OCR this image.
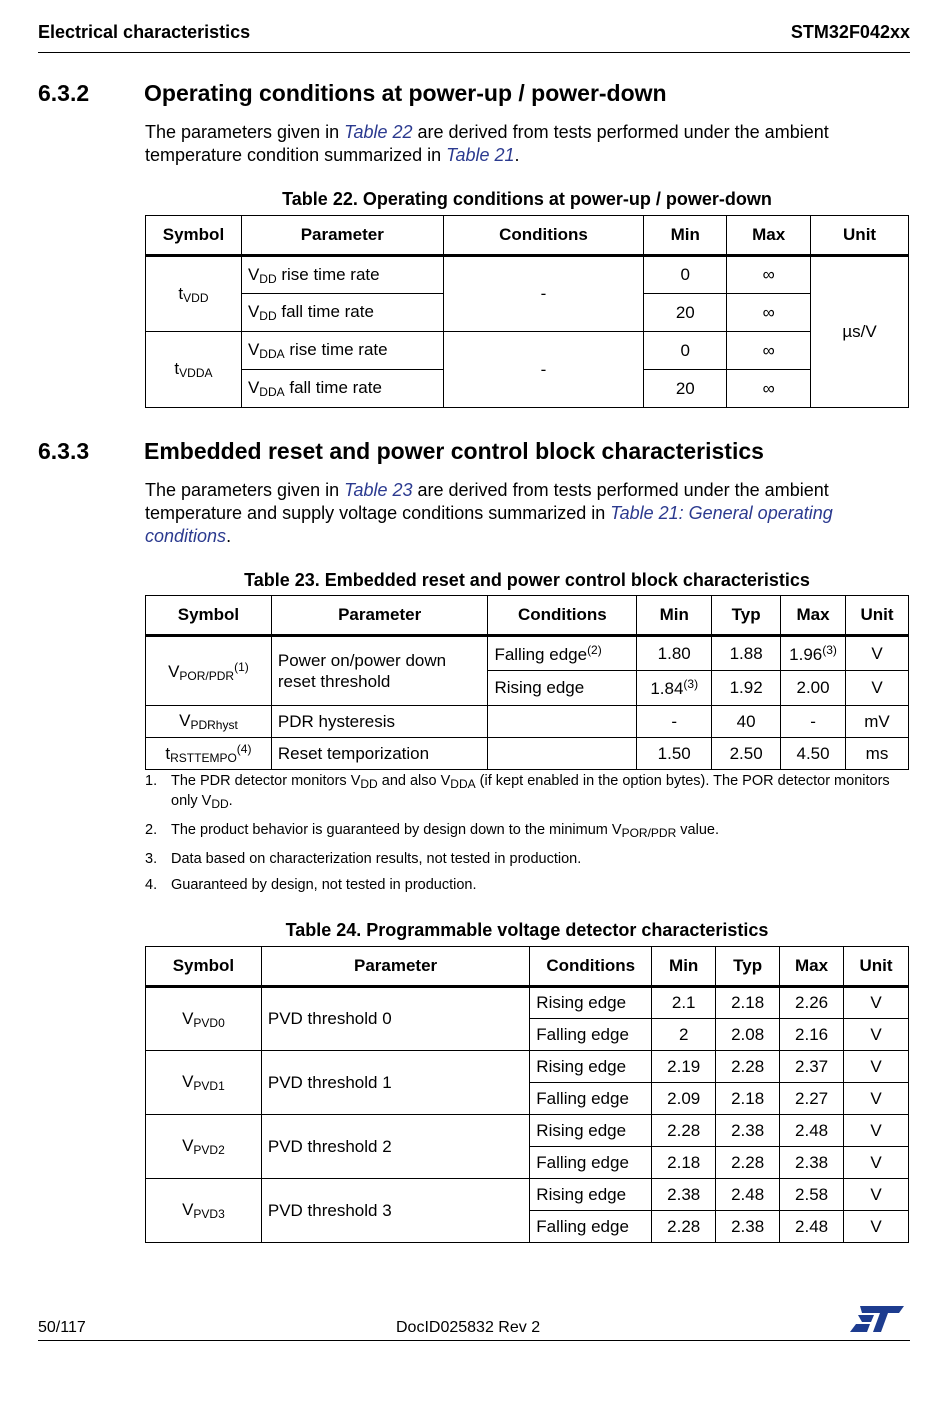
Electrical characteristics	STM32F042xx
6.3.2 Operating conditions at power-up / power-down
The parameters given in Table 22 are derived from tests performed under the ambient temperature condition summarized in Table 21.
Table 22. Operating conditions at power-up / power-down
Symbol	Parameter	Conditions	Min	Max	Unit
$t_{VDD}$	$V_{DD}$ rise time rate	-	0	∞	µs/V
	$V_{DD}$ fall time rate		20	∞	
$t_{VDDA}$	$V_{DDA}$ rise time rate	-	0	∞	
	$V_{DDA}$ fall time rate		20	∞	
6.3.3 Embedded reset and power control block characteristics
The parameters given in Table 23 are derived from tests performed under the ambient temperature and supply voltage conditions summarized in Table 21: General operating conditions.
Table 23. Embedded reset and power control block characteristics
Symbol	Parameter	Conditions	Min	Typ	Max	Unit
$V_{POR/PDR}^{(1)}$	Power on/power down reset threshold	Falling edge$^{(2)}$	1.80	1.88	1.96$^{(3)}$	V
		Rising edge	1.84$^{(3)}$	1.92	2.00	V
$V_{PDRhyst}$	PDR hysteresis		-	40	-	mV
$t_{RSTTEMPO}^{(4)}$	Reset temporization		1.50	2.50	4.50	ms
1. The PDR detector monitors $V_{DD}$ and also $V_{DDA}$ (if kept enabled in the option bytes). The POR detector monitors only $V_{DD}$.
2. The product behavior is guaranteed by design down to the minimum $V_{POR/PDR}$ value.
3. Data based on characterization results, not tested in production.
4. Guaranteed by design, not tested in production.
Table 24. Programmable voltage detector characteristics
Symbol	Parameter	Conditions	Min	Typ	Max	Unit
$V_{PVD0}$	PVD threshold 0	Rising edge	2.1	2.18	2.26	V
		Falling edge	2	2.08	2.16	V
$V_{PVD1}$	PVD threshold 1	Rising edge	2.19	2.28	2.37	V
		Falling edge	2.09	2.18	2.27	V
$V_{PVD2}$	PVD threshold 2	Rising edge	2.28	2.38	2.48	V
		Falling edge	2.18	2.28	2.38	V
$V_{PVD3}$	PVD threshold 3	Rising edge	2.38	2.48	2.58	V
		Falling edge	2.28	2.38	2.48	V
50/117	DocID025832 Rev 2
